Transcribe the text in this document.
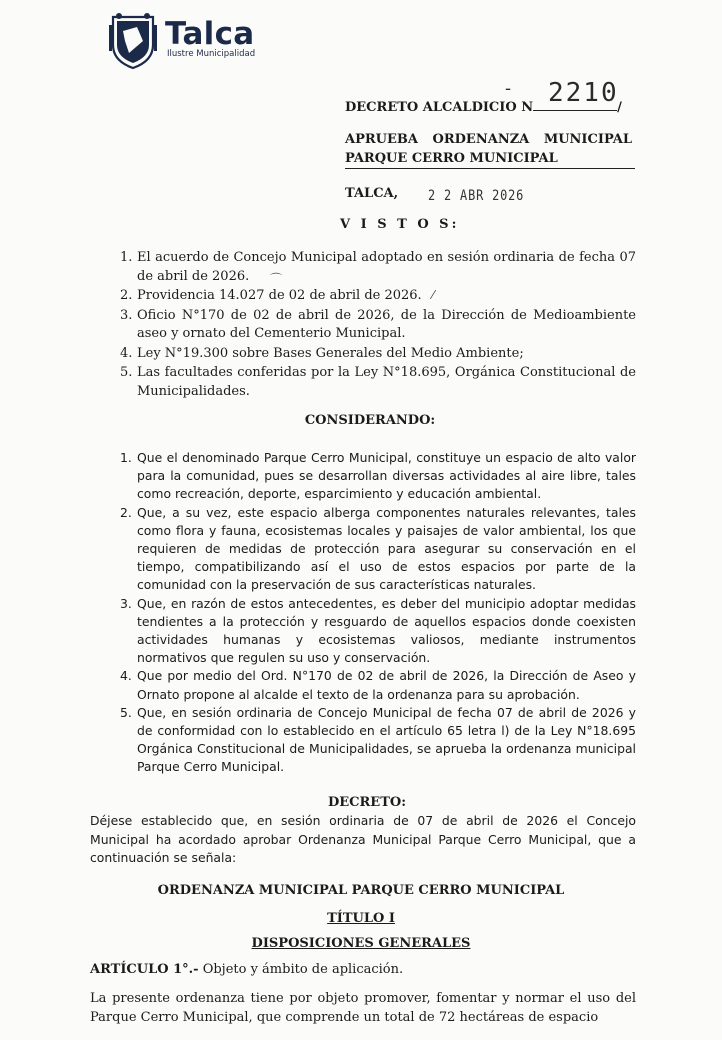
Talca
Ilustre Municipalidad
- 2210
DECRETO ALCALDICIO N	/
APRUEBA ORDENANZA MUNICIPAL PARQUE CERRO MUNICIPAL
TALCA, 2 2 ABR 2026
V I S T O S:
1. El acuerdo de Concejo Municipal adoptado en sesión ordinaria de fecha 07 de abril de 2026.
2. Providencia 14.027 de 02 de abril de 2026.
3. Oficio N°170 de 02 de abril de 2026, de la Dirección de Medioambiente aseo y ornato del Cementerio Municipal.
4. Ley N°19.300 sobre Bases Generales del Medio Ambiente;
5. Las facultades conferidas por la Ley N°18.695, Orgánica Constitucional de Municipalidades.
⌒
⁄
CONSIDERANDO:
1. Que el denominado Parque Cerro Municipal, constituye un espacio de alto valor para la comunidad, pues se desarrollan diversas actividades al aire libre, tales como recreación, deporte, esparcimiento y educación ambiental.
2. Que, a su vez, este espacio alberga componentes naturales relevantes, tales como flora y fauna, ecosistemas locales y paisajes de valor ambiental, los que requieren de medidas de protección para asegurar su conservación en el tiempo, compatibilizando así el uso de estos espacios por parte de la comunidad con la preservación de sus características naturales.
3. Que, en razón de estos antecedentes, es deber del municipio adoptar medidas tendientes a la protección y resguardo de aquellos espacios donde coexisten actividades humanas y ecosistemas valiosos, mediante instrumentos normativos que regulen su uso y conservación.
4. Que por medio del Ord. N°170 de 02 de abril de 2026, la Dirección de Aseo y Ornato propone al alcalde el texto de la ordenanza para su aprobación.
5. Que, en sesión ordinaria de Concejo Municipal de fecha 07 de abril de 2026 y de conformidad con lo establecido en el artículo 65 letra l) de la Ley N°18.695 Orgánica Constitucional de Municipalidades, se aprueba la ordenanza municipal Parque Cerro Municipal.
DECRETO:
Déjese establecido que, en sesión ordinaria de 07 de abril de 2026 el Concejo Municipal ha acordado aprobar Ordenanza Municipal Parque Cerro Municipal, que a continuación se señala:
ORDENANZA MUNICIPAL PARQUE CERRO MUNICIPAL
TÍTULO I
DISPOSICIONES GENERALES
ARTÍCULO 1°.- Objeto y ámbito de aplicación.
La presente ordenanza tiene por objeto promover, fomentar y normar el uso del Parque Cerro Municipal, que comprende un total de 72 hectáreas de espacio
